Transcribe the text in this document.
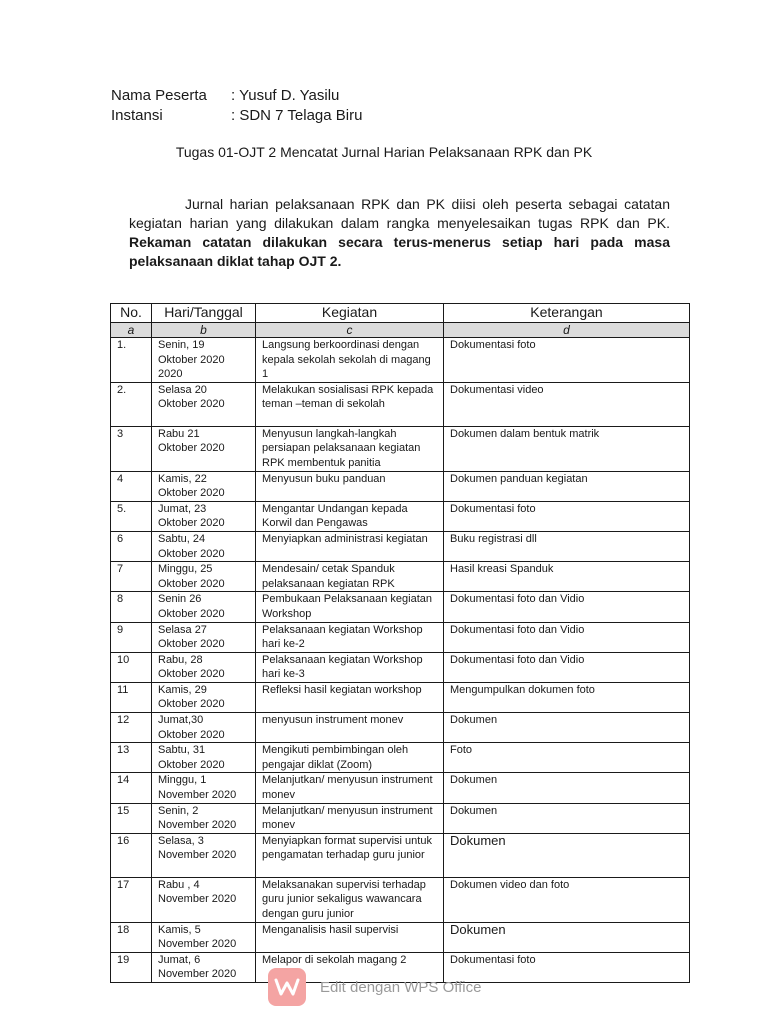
Nama Peserta	: Yusuf D. Yasilu
Instansi	: SDN 7 Telaga Biru
Tugas 01-OJT 2 Mencatat Jurnal Harian Pelaksanaan RPK dan PK
Jurnal harian pelaksanaan RPK dan PK diisi oleh peserta sebagai catatan kegiatan harian yang dilakukan dalam rangka menyelesaikan tugas RPK dan PK. Rekaman catatan dilakukan secara terus-menerus setiap hari pada masa pelaksanaan diklat tahap OJT 2.
No.	Hari/Tanggal	Kegiatan	Keterangan
a	b	c	d
1.	Senin, 19
Oktober 2020
2020	Langsung berkoordinasi dengan kepala sekolah sekolah di magang 1	Dokumentasi foto
2.	Selasa 20
Oktober 2020	Melakukan sosialisasi RPK kepada teman –teman di sekolah	Dokumentasi video
3	Rabu 21
Oktober 2020	Menyusun langkah-langkah persiapan pelaksanaan kegiatan RPK membentuk panitia	Dokumen dalam bentuk matrik
4	Kamis, 22
Oktober 2020	Menyusun buku panduan	Dokumen panduan kegiatan
5.	Jumat, 23
Oktober 2020	Mengantar Undangan kepada Korwil dan Pengawas	Dokumentasi foto
6	Sabtu, 24
Oktober 2020	Menyiapkan administrasi kegiatan	Buku registrasi dll
7	Minggu, 25
Oktober 2020	Mendesain/ cetak Spanduk pelaksanaan kegiatan RPK	Hasil kreasi Spanduk
8	Senin 26
Oktober 2020	Pembukaan Pelaksanaan kegiatan Workshop	Dokumentasi foto dan Vidio
9	Selasa 27
Oktober 2020	Pelaksanaan kegiatan Workshop hari ke-2	Dokumentasi foto dan Vidio
10	Rabu, 28
Oktober 2020	Pelaksanaan kegiatan Workshop hari ke-3	Dokumentasi foto dan Vidio
11	Kamis, 29
Oktober 2020	Refleksi hasil kegiatan workshop	Mengumpulkan dokumen foto
12	Jumat,30
Oktober 2020	menyusun instrument monev	Dokumen
13	Sabtu, 31
Oktober 2020	Mengikuti pembimbingan oleh pengajar diklat (Zoom)	Foto
14	Minggu, 1
November 2020	Melanjutkan/ menyusun instrument monev	Dokumen
15	Senin, 2
November 2020	Melanjutkan/ menyusun instrument monev	Dokumen
16	Selasa, 3
November 2020	Menyiapkan format supervisi untuk pengamatan terhadap guru junior	Dokumen
17	Rabu , 4
November 2020	Melaksanakan supervisi terhadap guru junior sekaligus wawancara dengan guru junior	Dokumen video dan foto
18	Kamis, 5
November 2020	Menganalisis hasil supervisi	Dokumen
19	Jumat, 6
November 2020	Melapor di sekolah magang 2	Dokumentasi foto
Edit dengan WPS Office
